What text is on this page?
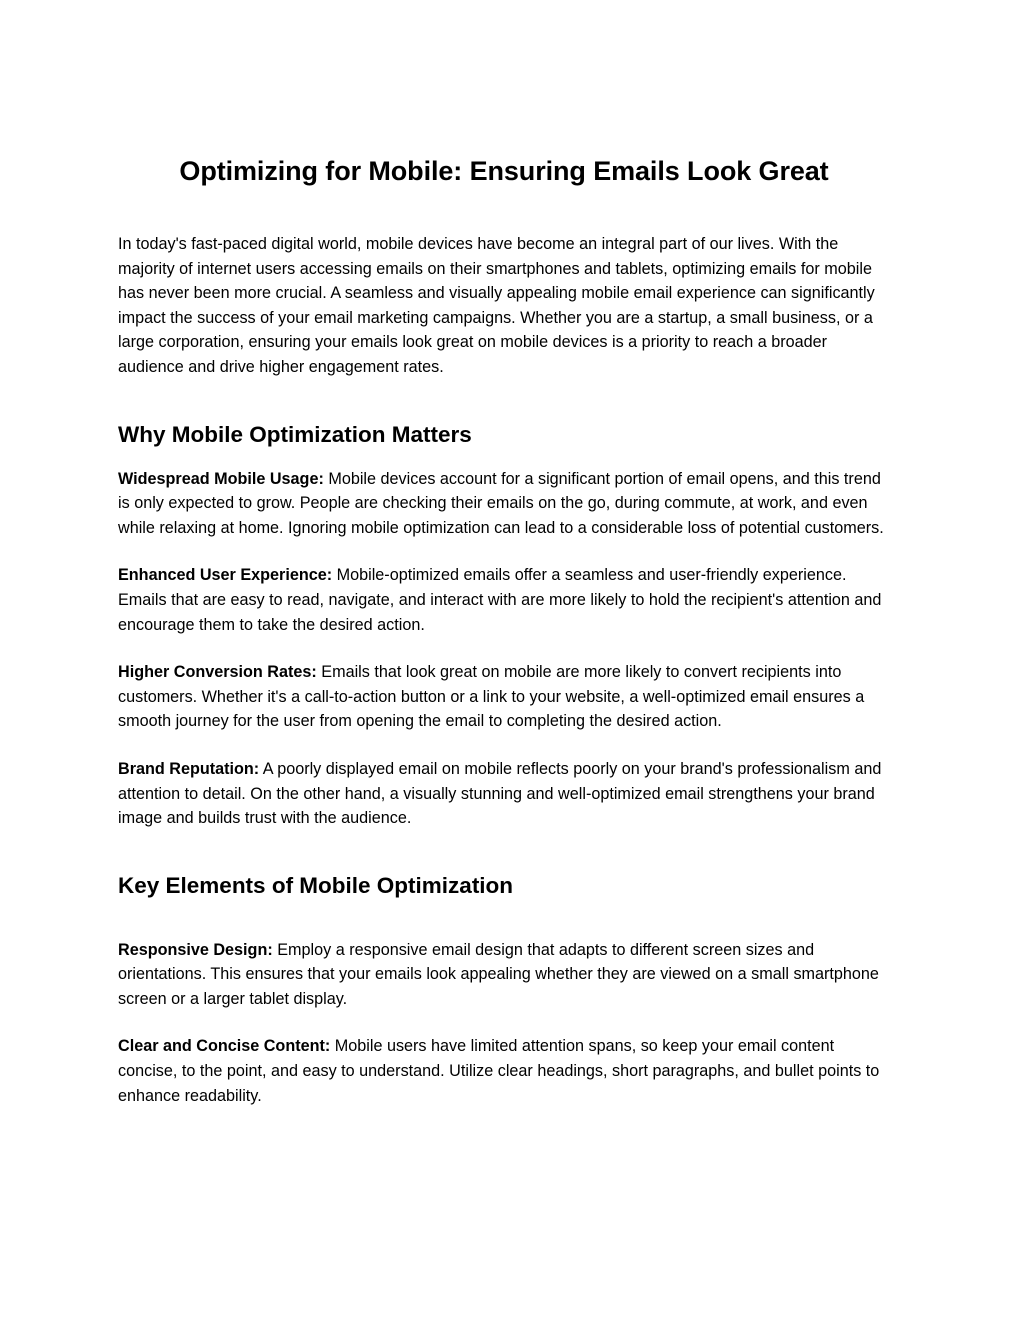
Optimizing for Mobile: Ensuring Emails Look Great

In today's fast-paced digital world, mobile devices have become an integral part of our lives. With the majority of internet users accessing emails on their smartphones and tablets, optimizing emails for mobile has never been more crucial. A seamless and visually appealing mobile email experience can significantly impact the success of your email marketing campaigns. Whether you are a startup, a small business, or a large corporation, ensuring your emails look great on mobile devices is a priority to reach a broader audience and drive higher engagement rates.

Why Mobile Optimization Matters

Widespread Mobile Usage: Mobile devices account for a significant portion of email opens, and this trend is only expected to grow. People are checking their emails on the go, during commute, at work, and even while relaxing at home. Ignoring mobile optimization can lead to a considerable loss of potential customers.

Enhanced User Experience: Mobile-optimized emails offer a seamless and user-friendly experience. Emails that are easy to read, navigate, and interact with are more likely to hold the recipient's attention and encourage them to take the desired action.

Higher Conversion Rates: Emails that look great on mobile are more likely to convert recipients into customers. Whether it's a call-to-action button or a link to your website, a well-optimized email ensures a smooth journey for the user from opening the email to completing the desired action.

Brand Reputation: A poorly displayed email on mobile reflects poorly on your brand's professionalism and attention to detail. On the other hand, a visually stunning and well-optimized email strengthens your brand image and builds trust with the audience.

Key Elements of Mobile Optimization

Responsive Design: Employ a responsive email design that adapts to different screen sizes and orientations. This ensures that your emails look appealing whether they are viewed on a small smartphone screen or a larger tablet display.

Clear and Concise Content: Mobile users have limited attention spans, so keep your email content concise, to the point, and easy to understand. Utilize clear headings, short paragraphs, and bullet points to enhance readability.
